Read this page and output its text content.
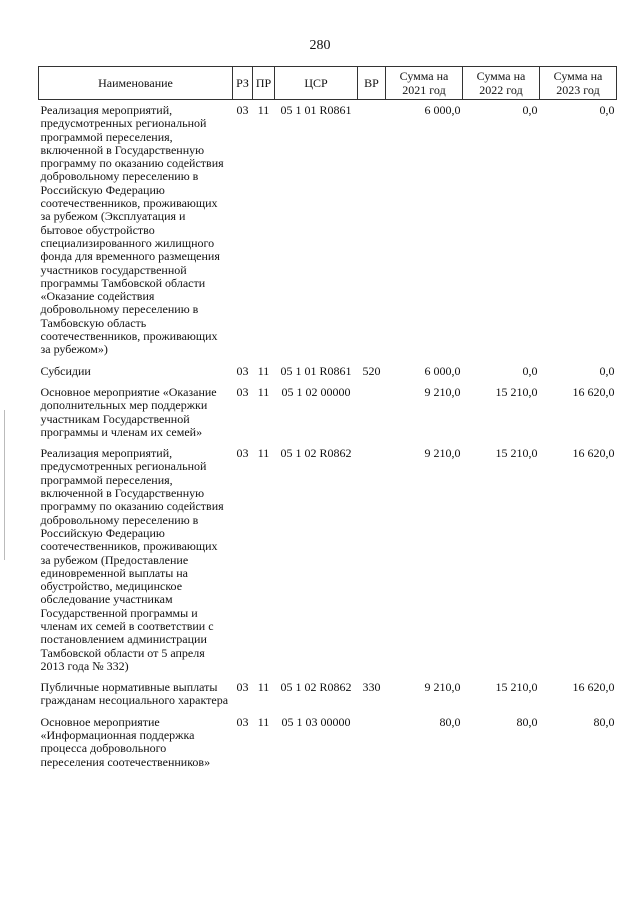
280
Наименование	РЗ	ПР	ЦСР	ВР	Сумма на 2021 год	Сумма на 2022 год	Сумма на 2023 год
Реализация мероприятий, предусмотренных региональной программой переселения, включенной в Государственную программу по оказанию содействия добровольному переселению в Российскую Федерацию соотечественников, проживающих за рубежом (Эксплуатация и бытовое обустройство специализированного жилищного фонда для временного размещения участников государственной программы Тамбовской области «Оказание содействия добровольному переселению в Тамбовскую область соотечественников, проживающих за рубежом»)	03	11	05 1 01 R0861		6 000,0	0,0	0,0
Субсидии	03	11	05 1 01 R0861	520	6 000,0	0,0	0,0
Основное мероприятие «Оказание дополнительных мер поддержки участникам Государственной программы и членам их семей»	03	11	05 1 02 00000		9 210,0	15 210,0	16 620,0
Реализация мероприятий, предусмотренных региональной программой переселения, включенной в Государственную программу по оказанию содействия добровольному переселению в Российскую Федерацию соотечественников, проживающих за рубежом (Предоставление единовременной выплаты на обустройство, медицинское обследование участникам Государственной программы и членам их семей в соответствии с постановлением администрации Тамбовской области от 5 апреля 2013 года № 332)	03	11	05 1 02 R0862		9 210,0	15 210,0	16 620,0
Публичные нормативные выплаты гражданам несоциального характера	03	11	05 1 02 R0862	330	9 210,0	15 210,0	16 620,0
Основное мероприятие «Информационная поддержка процесса добровольного переселения соотечественников»	03	11	05 1 03 00000		80,0	80,0	80,0
